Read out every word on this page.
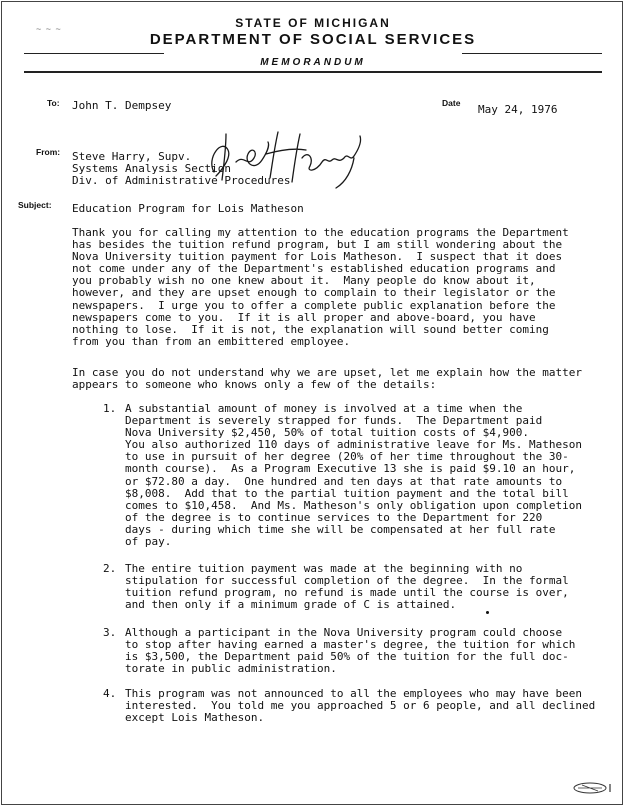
~ ~ ~	STATE OF MICHIGAN
DEPARTMENT OF SOCIAL SERVICES
MEMORANDUM
To: John T. Dempsey	Date May 24, 1976
From: Steve Harry, Supv.
Systems Analysis Section
Div. of Administrative Procedures
Subject: Education Program for Lois Matheson
Thank you for calling my attention to the education programs the Department
has besides the tuition refund program, but I am still wondering about the
Nova University tuition payment for Lois Matheson.  I suspect that it does
not come under any of the Department's established education programs and
you probably wish no one knew about it.  Many people do know about it,
however, and they are upset enough to complain to their legislator or the
newspapers.  I urge you to offer a complete public explanation before the
newspapers come to you.  If it is all proper and above-board, you have
nothing to lose.  If it is not, the explanation will sound better coming
from you than from an embittered employee.
In case you do not understand why we are upset, let me explain how the matter
appears to someone who knows only a few of the details:
1. A substantial amount of money is involved at a time when the
Department is severely strapped for funds.  The Department paid
Nova University $2,450, 50% of total tuition costs of $4,900.
You also authorized 110 days of administrative leave for Ms. Matheson
to use in pursuit of her degree (20% of her time throughout the 30-
month course).  As a Program Executive 13 she is paid $9.10 an hour,
or $72.80 a day.  One hundred and ten days at that rate amounts to
$8,008.  Add that to the partial tuition payment and the total bill
comes to $10,458.  And Ms. Matheson's only obligation upon completion
of the degree is to continue services to the Department for 220
days - during which time she will be compensated at her full rate
of pay.
2. The entire tuition payment was made at the beginning with no
stipulation for successful completion of the degree.  In the formal
tuition refund program, no refund is made until the course is over,
and then only if a minimum grade of C is attained.
3. Although a participant in the Nova University program could choose
to stop after having earned a master's degree, the tuition for which
is $3,500, the Department paid 50% of the tuition for the full doc-
torate in public administration.
4. This program was not announced to all the employees who may have been
interested.  You told me you approached 5 or 6 people, and all declined
except Lois Matheson.
